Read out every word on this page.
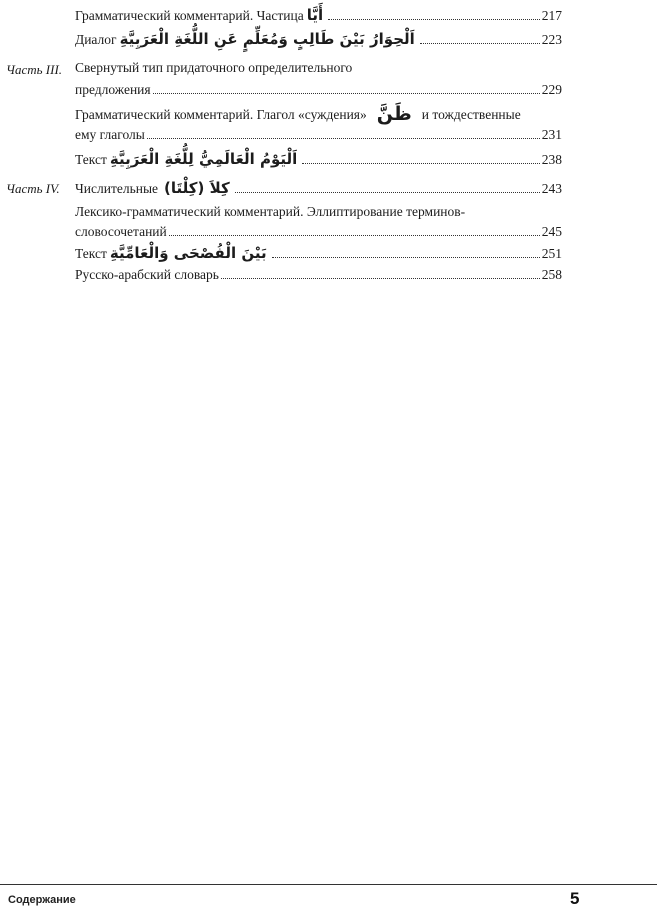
Грамматический комментарий. Частица أَيَّا	217
Диалог اَلْحِوَارُ بَيْنَ طَالِبٍ وَمُعَلِّمٍ عَنِ اللُّغَةِ الْعَرَبِيَّةِ	223
Часть III. Свернутый тип придаточного определительного
предложения	229
Грамматический комментарий. Глагол «суждения» ظَنَّ и тождественные
ему глаголы	231
Текст اَلْيَوْمُ الْعَالَمِيُّ لِلُّغَةِ الْعَرَبِيَّةِ	238
Часть IV. Числительные كِلاَ (كِلْتَا)	243
Лексико-грамматический комментарий. Эллиптирование терминов-
словосочетаний	245
Текст بَيْنَ الْفُصْحَى وَالْعَامِّيَّةِ	251
Русско-арабский словарь	258
Содержание	5
